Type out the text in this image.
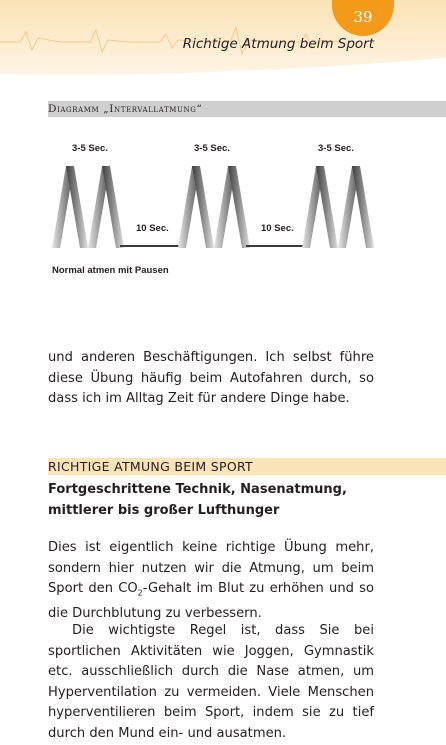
39
Richtige Atmung beim Sport
Diagramm „Intervallatmung“
3-5 Sec.	3-5 Sec.	3-5 Sec.
10 Sec.	10 Sec.
Normal atmen mit Pausen
und anderen Beschäftigungen. Ich selbst führe diese Übung häufig beim Autofahren durch, so dass ich im Alltag Zeit für andere Dinge habe.
RICHTIGE ATMUNG BEIM SPORT
Fortgeschrittene Technik, Nasenatmung, mittlerer bis großer Lufthunger
Dies ist eigentlich keine richtige Übung mehr, sondern hier nutzen wir die Atmung, um beim Sport den $CO_2$-Gehalt im Blut zu erhöhen und so die Durchblutung zu verbessern.
Die wichtigste Regel ist, dass Sie bei sportlichen Aktivitäten wie Joggen, Gymnastik etc. ausschließlich durch die Nase atmen, um Hyperventilation zu vermeiden. Viele Menschen hyperventilieren beim Sport, indem sie zu tief durch den Mund ein- und ausatmen.
